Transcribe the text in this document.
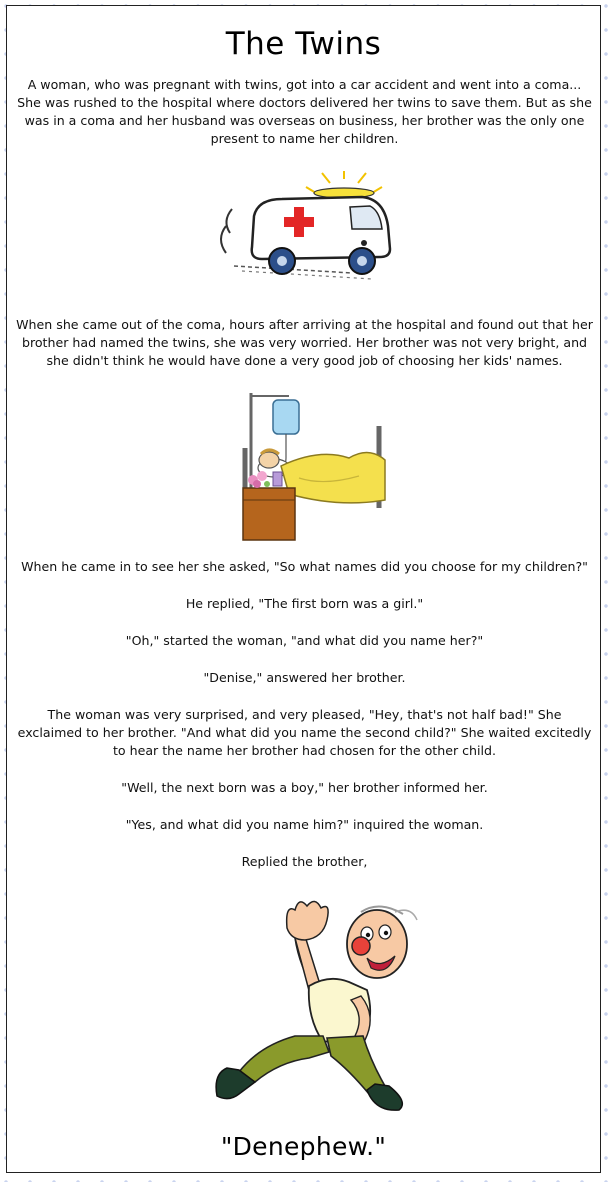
The Twins

A woman, who was pregnant with twins, got into a car accident and went into a coma... She was rushed to the hospital where doctors delivered her twins to save them. But as she was in a coma and her husband was overseas on business, her brother was the only one present to name her children.

When she came out of the coma, hours after arriving at the hospital and found out that her brother had named the twins, she was very worried. Her brother was not very bright, and she didn't think he would have done a very good job of choosing her kids' names.

When he came in to see her she asked, "So what names did you choose for my children?"

He replied, "The first born was a girl."

"Oh," started the woman, "and what did you name her?"

"Denise," answered her brother.

The woman was very surprised, and very pleased, "Hey, that's not half bad!" She exclaimed to her brother. "And what did you name the second child?" She waited excitedly to hear the name her brother had chosen for the other child.

"Well, the next born was a boy," her brother informed her.

"Yes, and what did you name him?" inquired the woman.

Replied the brother,

"Denephew."
